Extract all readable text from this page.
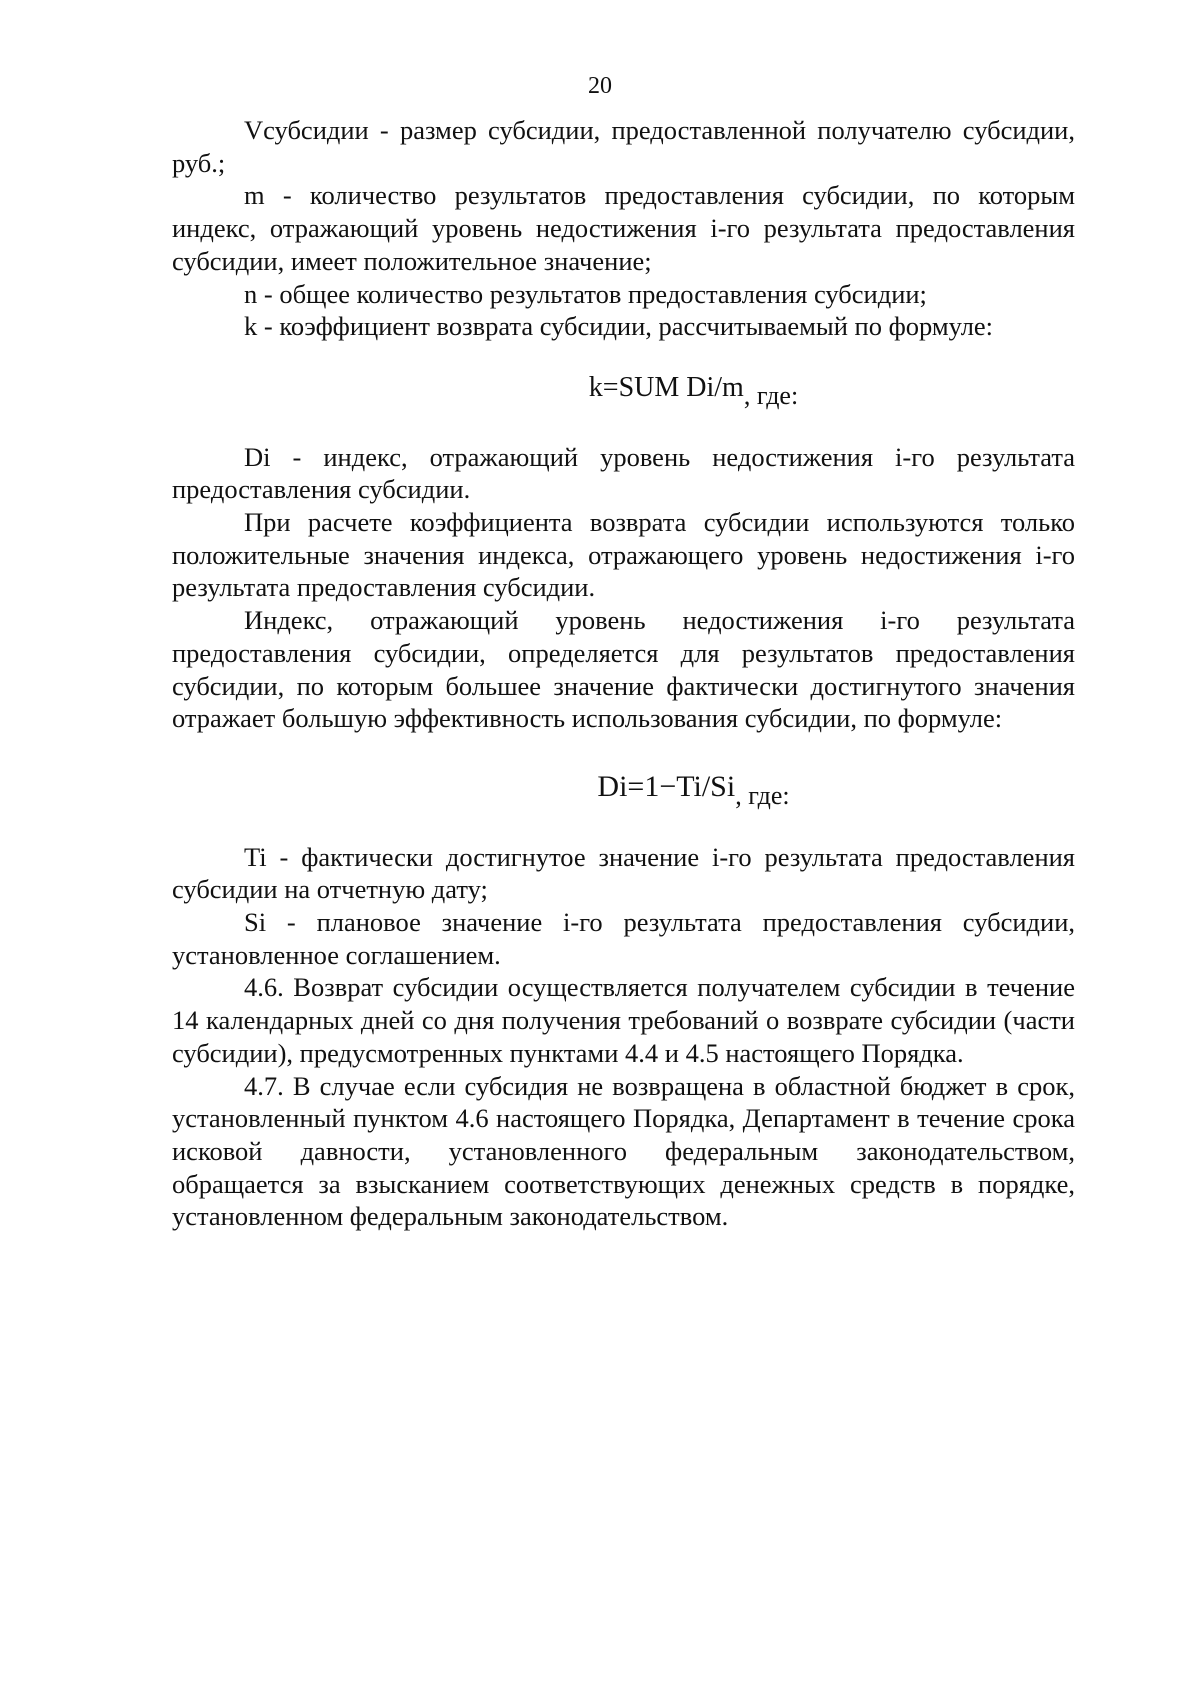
20

Vсубсидии - размер субсидии, предоставленной получателю субсидии, руб.;

m - количество результатов предоставления субсидии, по которым индекс, отражающий уровень недостижения i-го результата предоставления субсидии, имеет положительное значение;

n - общее количество результатов предоставления субсидии;

k - коэффициент возврата субсидии, рассчитываемый по формуле:

k=SUM Di/m, где:

Di - индекс, отражающий уровень недостижения i-го результата предоставления субсидии.

При расчете коэффициента возврата субсидии используются только положительные значения индекса, отражающего уровень недостижения i-го результата предоставления субсидии.

Индекс, отражающий уровень недостижения i-го результата предоставления субсидии, определяется для результатов предоставления субсидии, по которым большее значение фактически достигнутого значения отражает большую эффективность использования субсидии, по формуле:

Di=1−Ti/Si, где:

Ti - фактически достигнутое значение i-го результата предоставления субсидии на отчетную дату;

Si - плановое значение i-го результата предоставления субсидии, установленное соглашением.

4.6. Возврат субсидии осуществляется получателем субсидии в течение 14 календарных дней со дня получения требований о возврате субсидии (части субсидии), предусмотренных пунктами 4.4 и 4.5 настоящего Порядка.

4.7. В случае если субсидия не возвращена в областной бюджет в срок, установленный пунктом 4.6 настоящего Порядка, Департамент в течение срока исковой давности, установленного федеральным законодательством, обращается за взысканием соответствующих денежных средств в порядке, установленном федеральным законодательством.
